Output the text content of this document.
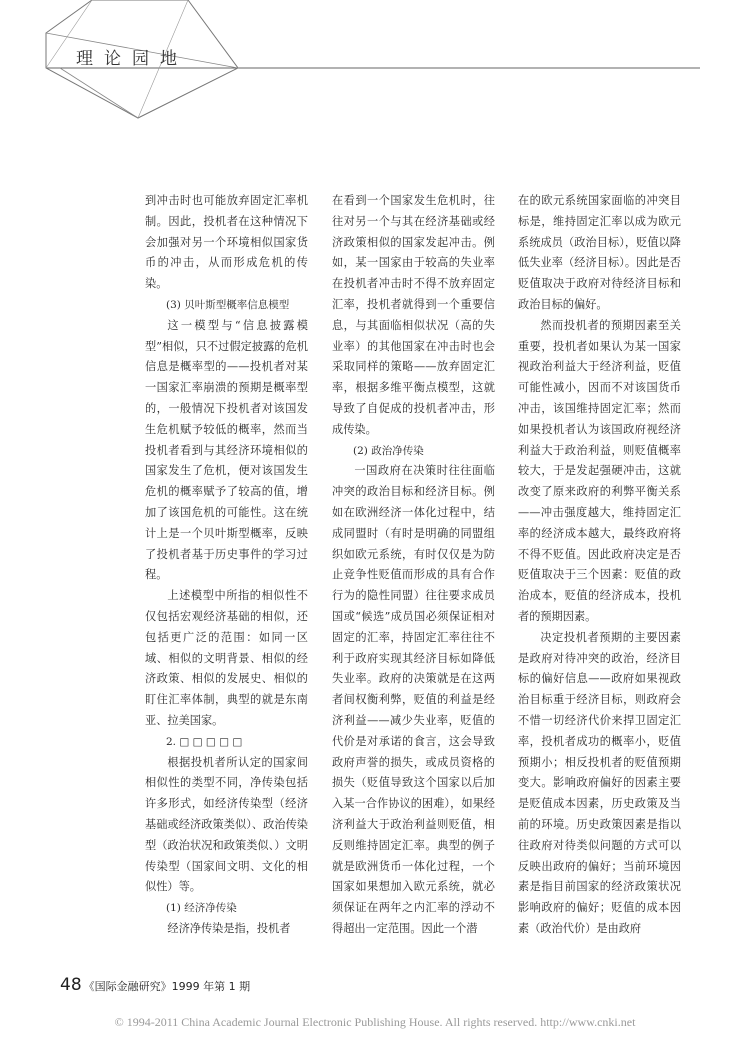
理论园地

到冲击时也可能放弃固定汇率机制。因此，投机者在这种情况下会加强对另一个环境相似国家货币的冲击，从而形成危机的传染。

(3) 贝叶斯型概率信息模型

这一模型与“信息披露模型”相似，只不过假定披露的危机信息是概率型的——投机者对某一国家汇率崩溃的预期是概率型的，一般情况下投机者对该国发生危机赋予较低的概率，然而当投机者看到与其经济环境相似的国家发生了危机，便对该国发生危机的概率赋予了较高的值，增加了该国危机的可能性。这在统计上是一个贝叶斯型概率，反映了投机者基于历史事件的学习过程。

上述模型中所指的相似性不仅包括宏观经济基础的相似，还包括更广泛的范围：如同一区域、相似的文明背景、相似的经济政策、相似的发展史、相似的盯住汇率体制，典型的就是东南亚、拉美国家。

2. □ □ □ □ □

根据投机者所认定的国家间相似性的类型不同，净传染包括许多形式，如经济传染型（经济基础或经济政策类似）、政治传染型（政治状况和政策类似、）文明传染型（国家间文明、文化的相似性）等。

(1) 经济净传染

经济净传染是指，投机者

在看到一个国家发生危机时，往往对另一个与其在经济基础或经济政策相似的国家发起冲击。例如，某一国家由于较高的失业率在投机者冲击时不得不放弃固定汇率，投机者就得到一个重要信息，与其面临相似状况（高的失业率）的其他国家在冲击时也会采取同样的策略——放弃固定汇率，根据多维平衡点模型，这就导致了自促成的投机者冲击，形成传染。

(2) 政治净传染

一国政府在决策时往往面临冲突的政治目标和经济目标。例如在欧洲经济一体化过程中，结成同盟时（有时是明确的同盟组织如欧元系统，有时仅仅是为防止竞争性贬值而形成的具有合作行为的隐性同盟）往往要求成员国或“候选”成员国必须保证相对固定的汇率，持固定汇率往往不利于政府实现其经济目标如降低失业率。政府的决策就是在这两者间权衡利弊，贬值的利益是经济利益——减少失业率，贬值的代价是对承诺的食言，这会导致政府声誉的损失，或成员资格的损失（贬值导致这个国家以后加入某一合作协议的困难），如果经济利益大于政治利益则贬值，相反则维持固定汇率。典型的例子就是欧洲货币一体化过程，一个国家如果想加入欧元系统，就必须保证在两年之内汇率的浮动不得超出一定范围。因此一个潜

在的欧元系统国家面临的冲突目标是，维持固定汇率以成为欧元系统成员（政治目标），贬值以降低失业率（经济目标）。因此是否贬值取决于政府对待经济目标和政治目标的偏好。

然而投机者的预期因素至关重要，投机者如果认为某一国家视政治利益大于经济利益，贬值可能性减小，因而不对该国货币冲击，该国维持固定汇率；然而如果投机者认为该国政府视经济利益大于政治利益，则贬值概率较大，于是发起强硬冲击，这就改变了原来政府的利弊平衡关系——冲击强度越大，维持固定汇率的经济成本越大，最终政府将不得不贬值。因此政府决定是否贬值取决于三个因素：贬值的政治成本，贬值的经济成本，投机者的预期因素。

决定投机者预期的主要因素是政府对待冲突的政治，经济目标的偏好信息——政府如果视政治目标重于经济目标，则政府会不惜一切经济代价来捍卫固定汇率，投机者成功的概率小，贬值预期小；相反投机者的贬值预期变大。影响政府偏好的因素主要是贬值成本因素，历史政策及当前的环境。历史政策因素是指以往政府对待类似问题的方式可以反映出政府的偏好；当前环境因素是指目前国家的经济政策状况影响政府的偏好；贬值的成本因素（政治代价）是由政府

48 《国际金融研究》1999 年第 1 期
© 1994-2011 China Academic Journal Electronic Publishing House. All rights reserved. http://www.cnki.net
